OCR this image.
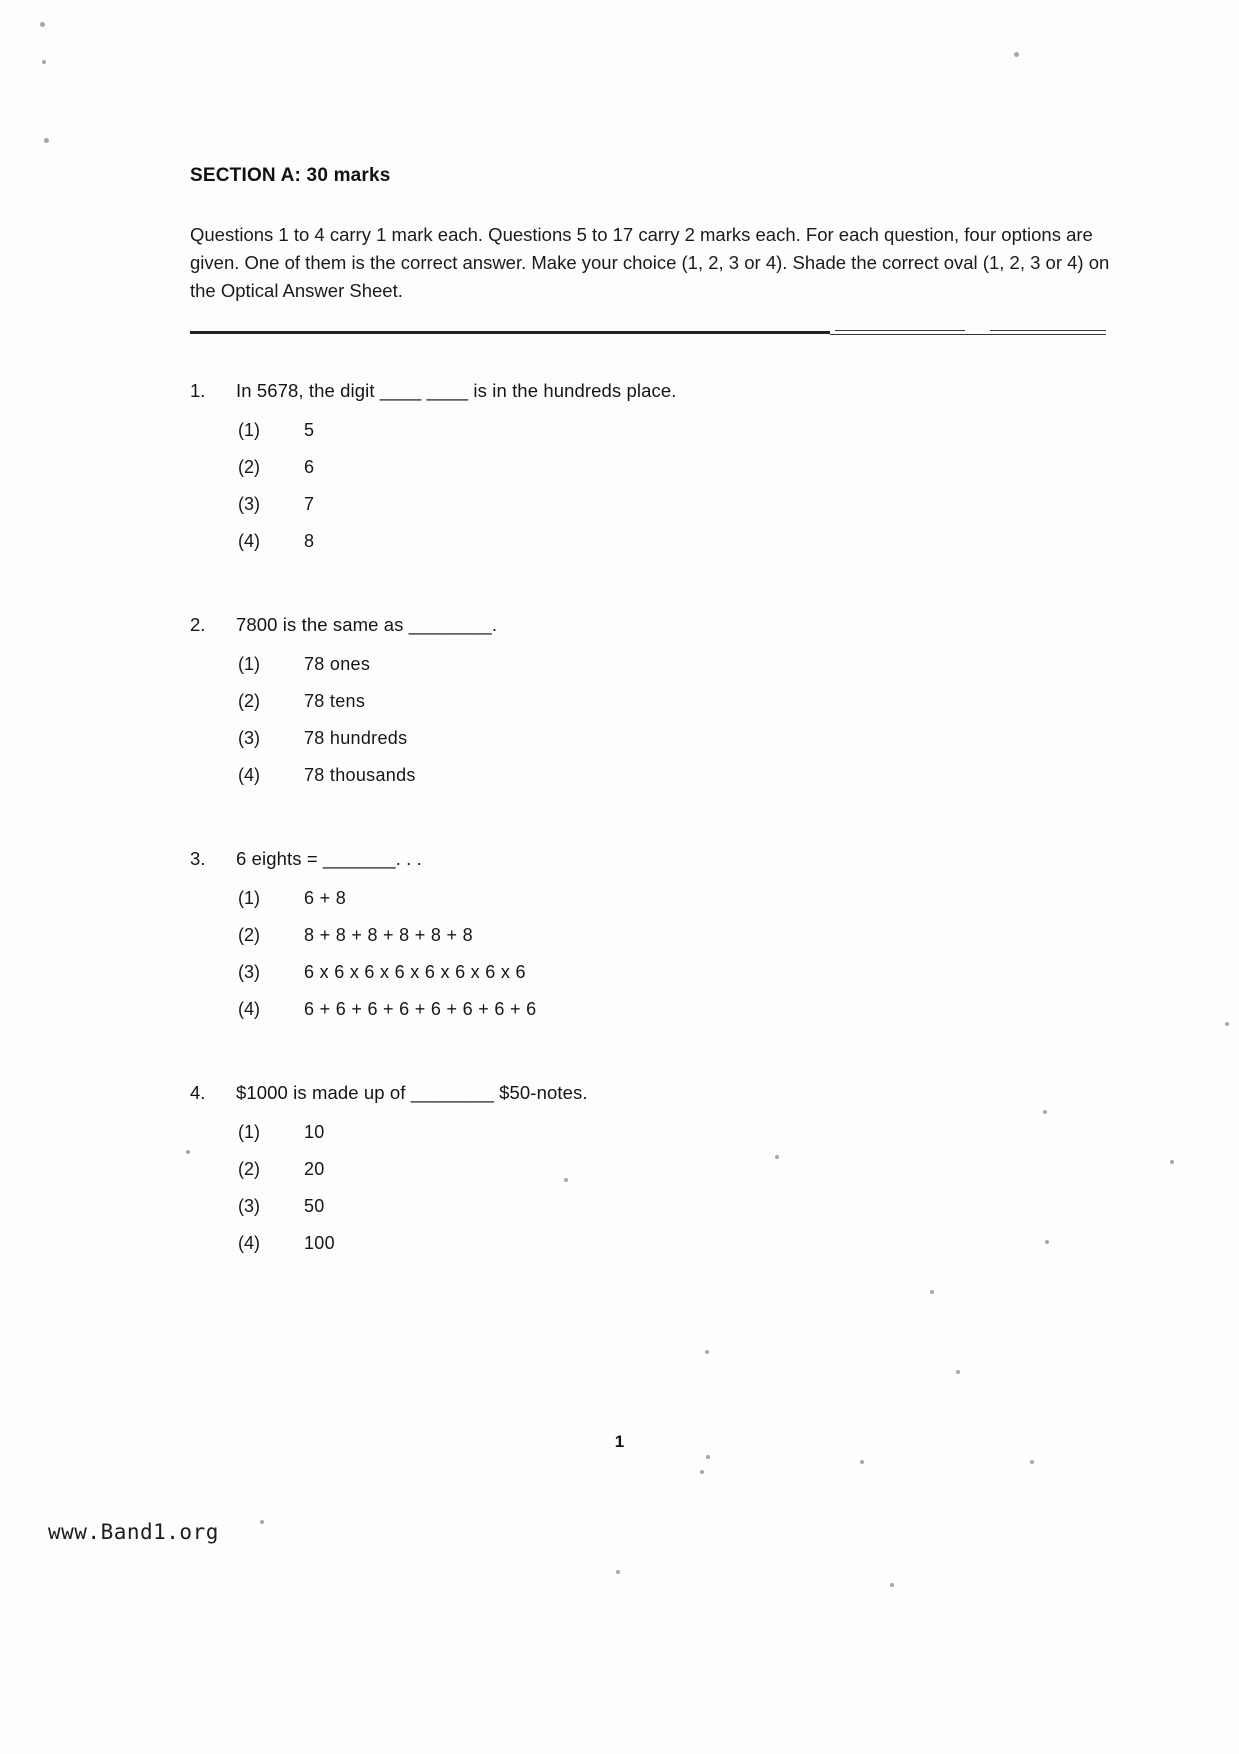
SECTION A: 30 marks

Questions 1 to 4 carry 1 mark each. Questions 5 to 17 carry 2 marks each. For each question, four options are given. One of them is the correct answer. Make your choice (1, 2, 3 or 4). Shade the correct oval (1, 2, 3 or 4) on the Optical Answer Sheet.

1.	In 5678, the digit ____ ____ is in the hundreds place.
(1)	5
(2)	6
(3)	7
(4)	8
2.	7800 is the same as ________.
(1)	78 ones
(2)	78 tens
(3)	78 hundreds
(4)	78 thousands
3.	6 eights = _______. . .
(1)	6 + 8
(2)	8 + 8 + 8 + 8 + 8 + 8
(3)	6 x 6 x 6 x 6 x 6 x 6 x 6 x 6
(4)	6 + 6 + 6 + 6 + 6 + 6 + 6 + 6
4.	$1000 is made up of ________ $50-notes.
(1)	10
(2)	20
(3)	50
(4)	100
1
www.Band1.org
